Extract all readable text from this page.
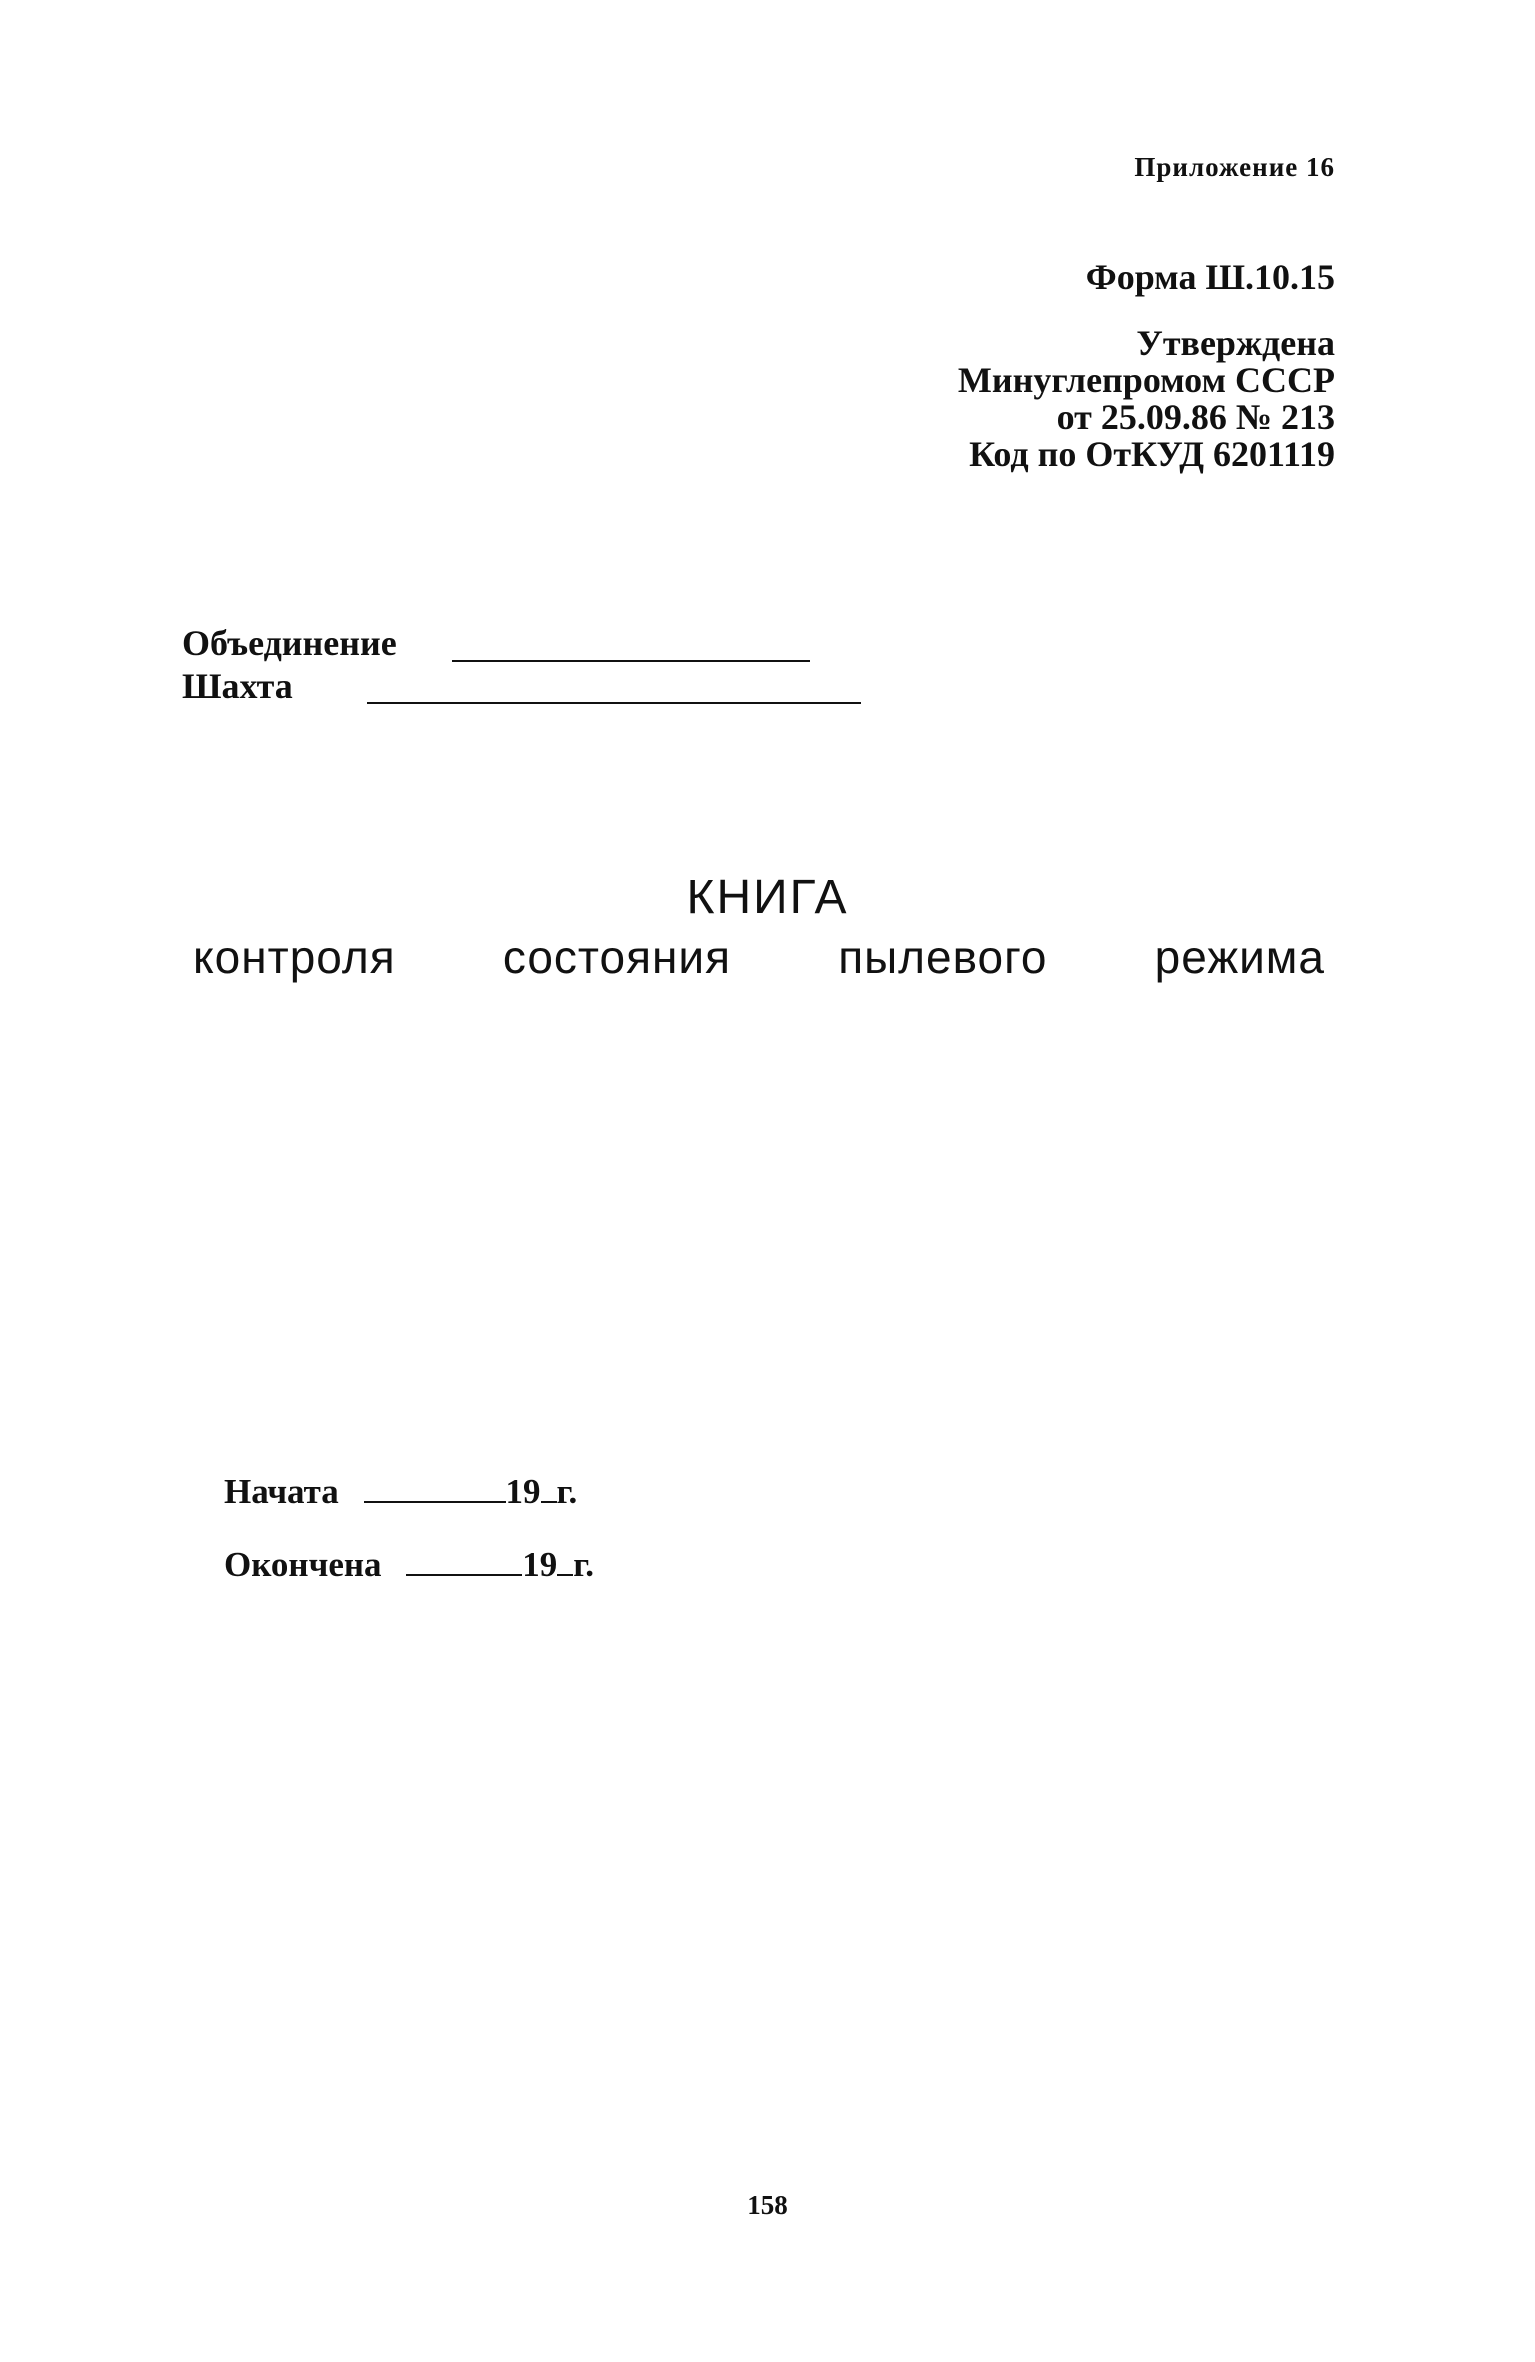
Приложение 16
Форма Ш.10.15
Утверждена
Минуглепромом СССР
от 25.09.86 № 213
Код по ОтКУД 6201119
Объединение
Шахта
КНИГА
контроля состояния пылевого режима
Начата	19 г.
Окончена	19 г.
158
